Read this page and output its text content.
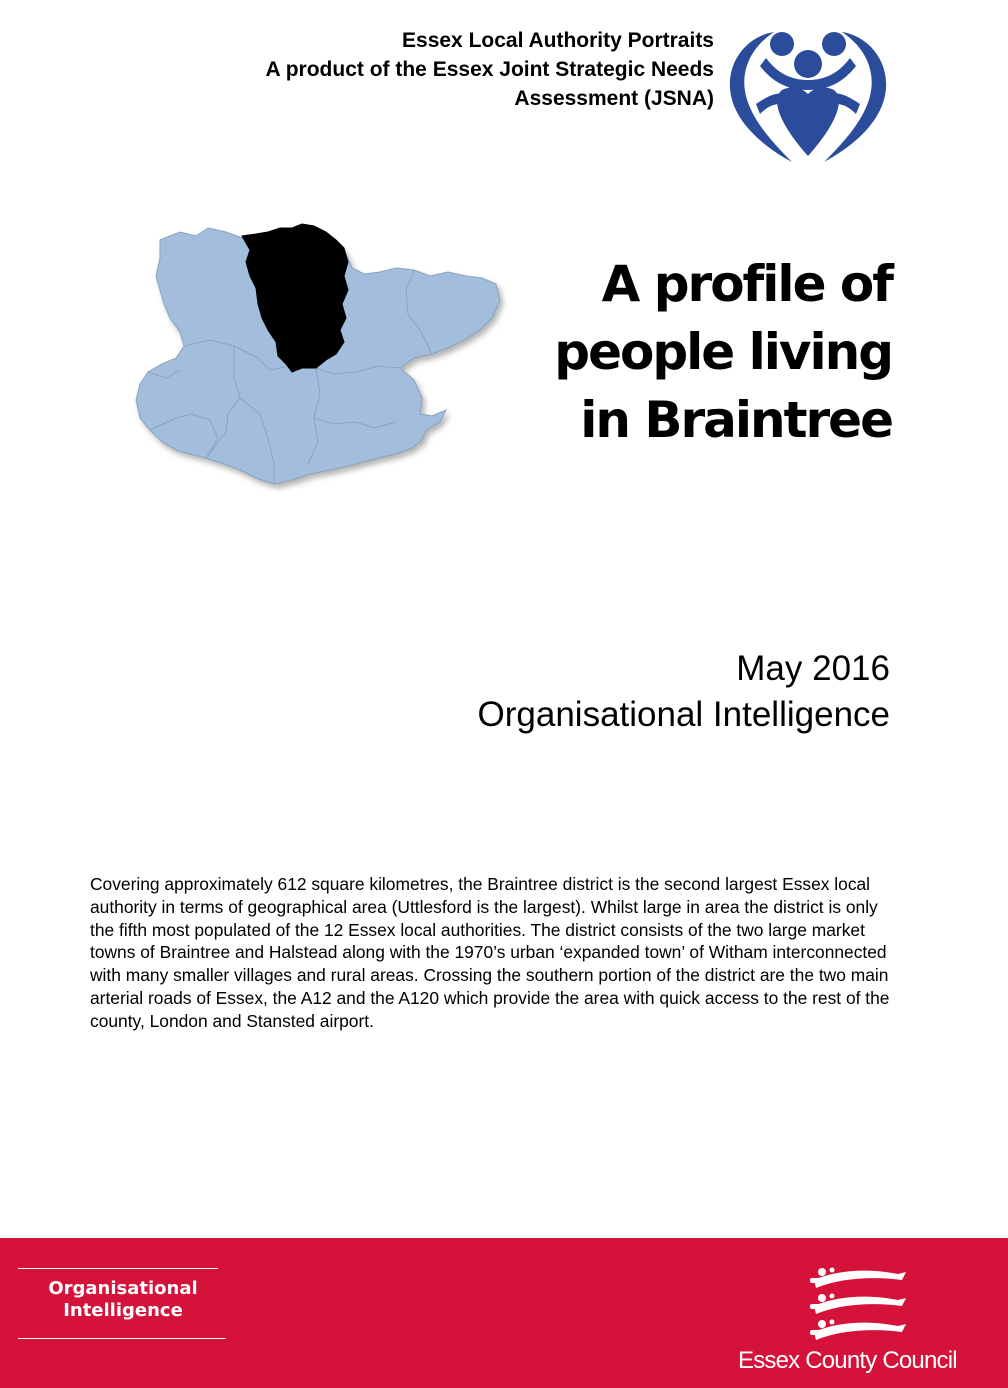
Essex Local Authority Portraits
A product of the Essex Joint Strategic Needs
Assessment (JSNA)
A profile of
people living
in Braintree
May 2016
Organisational Intelligence

Covering approximately 612 square kilometres, the Braintree district is the second largest Essex local authority in terms of geographical area (Uttlesford is the largest). Whilst large in area the district is only the fifth most populated of the 12 Essex local authorities. The district consists of the two large market towns of Braintree and Halstead along with the 1970’s urban ‘expanded town’ of Witham interconnected with many smaller villages and rural areas. Crossing the southern portion of the district are the two main arterial roads of Essex, the A12 and the A120 which provide the area with quick access to the rest of the county, London and Stansted airport.

Organisational
Intelligence
Essex County Council
